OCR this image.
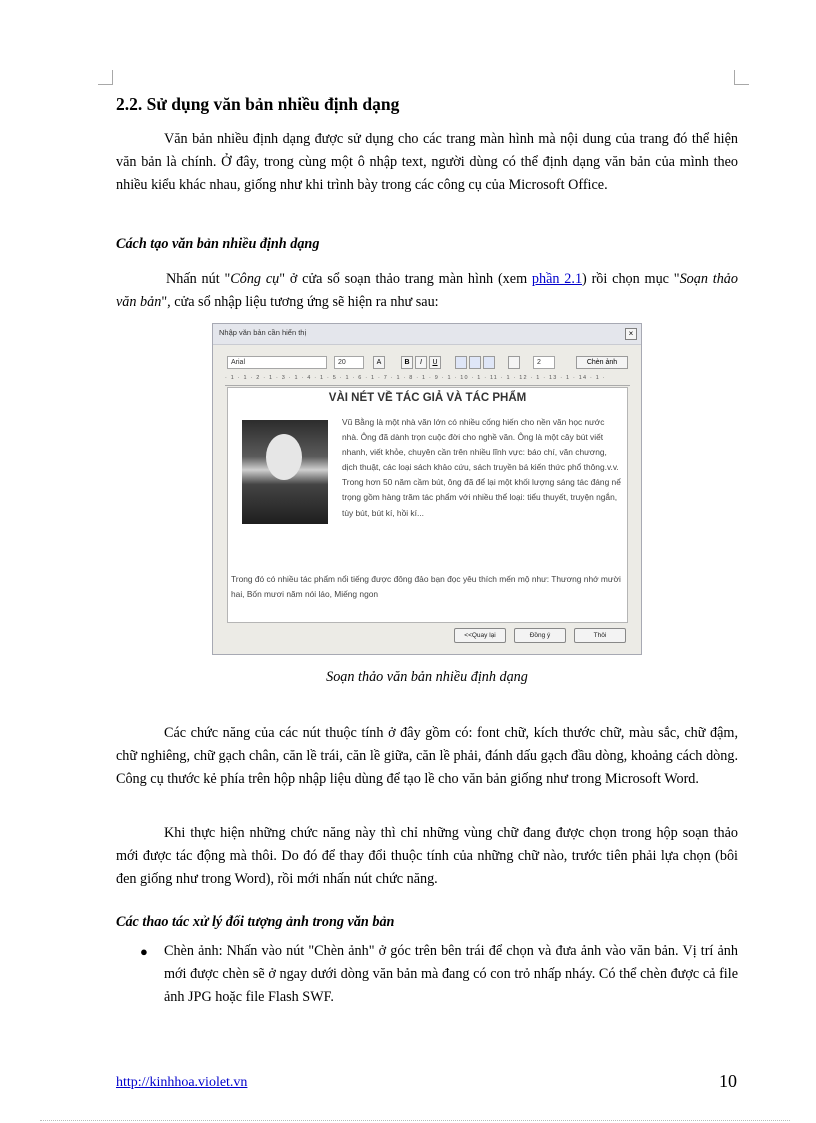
2.2. Sử dụng văn bản nhiều định dạng
Văn bản nhiều định dạng được sử dụng cho các trang màn hình mà nội dung của trang đó thể hiện văn bản là chính. Ở đây, trong cùng một ô nhập text, người dùng có thể định dạng văn bản của mình theo nhiều kiểu khác nhau, giống như khi trình bày trong các công cụ của Microsoft Office.

Cách tạo văn bản nhiều định dạng

Nhấn nút "Công cụ" ở cửa sổ soạn thảo trang màn hình (xem phần 2.1) rồi chọn mục "Soạn thảo văn bản", cửa sổ nhập liệu tương ứng sẽ hiện ra như sau:
Soạn thảo văn bản nhiều định dạng
Các chức năng của các nút thuộc tính ở đây gồm có: font chữ, kích thước chữ, màu sắc, chữ đậm, chữ nghiêng, chữ gạch chân, căn lề trái, căn lề giữa, căn lề phải, đánh dấu gạch đầu dòng, khoảng cách dòng. Công cụ thước kẻ phía trên hộp nhập liệu dùng để tạo lề cho văn bản giống như trong Microsoft Word.
Khi thực hiện những chức năng này thì chỉ những vùng chữ đang được chọn trong hộp soạn thảo mới được tác động mà thôi. Do đó để thay đổi thuộc tính của những chữ nào, trước tiên phải lựa chọn (bôi đen giống như trong Word), rồi mới nhấn nút chức năng.

Các thao tác xử lý đối tượng ảnh trong văn bản

● Chèn ảnh: Nhấn vào nút "Chèn ảnh" ở góc trên bên trái để chọn và đưa ảnh vào văn bản. Vị trí ảnh mới được chèn sẽ ở ngay dưới dòng văn bản mà đang có con trỏ nhấp nháy. Có thể chèn được cả file ảnh JPG hoặc file Flash SWF.
Nhập văn bản cần hiển thị	×
Arial	20	A	B	I	U	2	Chèn ảnh
· 1 · 1 · 2 · 1 · 3 · 1 · 4 · 1 · 5 · 1 · 6 · 1 · 7 · 1 · 8 · 1 · 9 · 1 · 10 · 1 · 11 · 1 · 12 · 1 · 13 · 1 · 14 · 1 ·
VÀI NÉT VỀ TÁC GIẢ VÀ TÁC PHẨM
Vũ Bằng là một nhà văn lớn có nhiều cống hiến cho nền văn học nước nhà. Ông đã dành trọn cuộc đời cho nghề văn. Ông là một cây bút viết nhanh, viết khỏe, chuyên cần trên nhiều lĩnh vực: báo chí, văn chương, dịch thuật, các loại sách khảo cứu, sách truyền bá kiến thức phổ thông.v.v. Trong hơn 50 năm cầm bút, ông đã để lại một khối lượng sáng tác đáng nể trọng gồm hàng trăm tác phẩm với nhiều thể loại: tiểu thuyết, truyện ngắn, tùy bút, bút kí, hồi kí...
Trong đó có nhiều tác phẩm nổi tiếng được đông đảo bạn đọc yêu thích mến mộ như: Thương nhớ mười hai, Bốn mươi năm nói láo, Miếng ngon
<<Quay lại	Đồng ý	Thôi
http://kinhhoa.violet.vn	10
